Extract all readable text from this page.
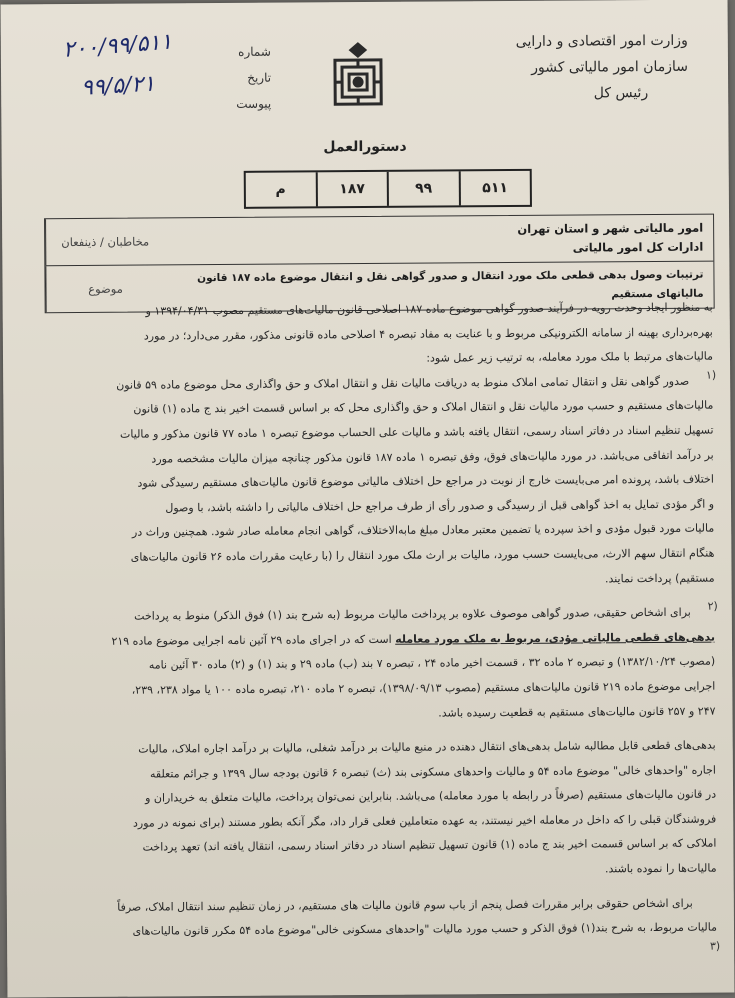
وزارت امور اقتصادی و دارایی
سازمان امور مالیاتی کشور
رئیس کل
شماره
تاریخ
پیوست
۲۰۰/۹۹/۵۱۱
۹۹/۵/۲۱
دستورالعمل
۵۱۱
۹۹
۱۸۷
م
مخاطبان / ذینفعان
امور مالیاتی شهر و استان تهران
ادارات کل امور مالیاتی
موضوع
ترتیبات وصول بدهی قطعی ملک مورد انتقال و صدور گواهی نقل و انتقال موضوع ماده ۱۸۷ قانون مالیاتهای مستقیم
به منظور ایجاد وحدت رویه در فرآیند صدور گواهی موضوع ماده ۱۸۷ اصلاحی قانون مالیات‌های مستقیم مصوب ۱۳۹۴/۰۴/۳۱ و
بهره‌برداری بهینه از سامانه الکترونیکی مربوط و با عنایت به مفاد تبصره ۴ اصلاحی ماده قانونی مذکور، مقرر می‌دارد؛ در مورد
مالیات‌های مرتبط با ملک مورد معامله، به ترتیب زیر عمل شود:
صدور گواهی نقل و انتقال تمامی املاک منوط به دریافت مالیات نقل و انتقال املاک و حق واگذاری محل موضوع ماده ۵۹ قانون
مالیات‌های مستقیم و حسب مورد مالیات نقل و انتقال املاک و حق واگذاری محل که بر اساس قسمت اخیر بند ج ماده (۱) قانون
تسهیل تنظیم اسناد در دفاتر اسناد رسمی، انتقال یافته باشد و مالیات علی الحساب موضوع تبصره ۱ ماده ۷۷ قانون مذکور و مالیات
بر درآمد اتفاقی می‌باشد. در مورد مالیات‌های فوق، وفق تبصره ۱ ماده ۱۸۷ قانون مذکور چنانچه میزان مالیات مشخصه مورد
اختلاف باشد، پرونده امر می‌بایست خارج از نوبت در مراجع حل اختلاف مالیاتی موضوع قانون مالیات‌های مستقیم رسیدگی شود
و اگر مؤدی تمایل به اخذ گواهی قبل از رسیدگی و صدور رأی از طرف مراجع حل اختلاف مالیاتی را داشته باشد، با وصول
مالیات مورد قبول مؤدی و اخذ سپرده یا تضمین معتبر معادل مبلغ مابه‌الاختلاف، گواهی انجام معامله صادر شود. همچنین وراث در
هنگام انتقال سهم الارث، می‌بایست حسب مورد، مالیات بر ارث ملک مورد انتقال را (با رعایت مقررات ماده ۲۶ قانون مالیات‌های
مستقیم) پرداخت نمایند.
برای اشخاص حقیقی، صدور گواهی موصوف علاوه بر پرداخت مالیات مربوط (به شرح بند (۱) فوق الذکر) منوط به پرداخت
بدهی‌های قطعی مالیاتی مؤدی، مربوط به ملک مورد معامله است که در اجرای ماده ۲۹ آئین نامه اجرایی موضوع ماده ۲۱۹
(مصوب ۱۳۸۲/۱۰/۲۴) و تبصره ۲ ماده ۳۲ ، قسمت اخیر ماده ۲۴ ، تبصره ۷ بند (ب) ماده ۲۹ و بند (۱) و (۲) ماده ۳۰ آئین نامه
اجرایی موضوع ماده ۲۱۹ قانون مالیات‌های مستقیم (مصوب ۱۳۹۸/۰۹/۱۳)، تبصره ۲ ماده ۲۱۰، تبصره ماده ۱۰۰ یا مواد ۲۳۸، ۲۳۹،
۲۴۷ و ۲۵۷ قانون مالیات‌های مستقیم به قطعیت رسیده باشد.
بدهی‌های قطعی قابل مطالبه شامل بدهی‌های انتقال دهنده در منبع مالیات بر درآمد شغلی، مالیات بر درآمد اجاره املاک، مالیات
اجاره "واحدهای خالی" موضوع ماده ۵۴ و مالیات واحدهای مسکونی بند (ث) تبصره ۶ قانون بودجه سال ۱۳۹۹ و جرائم متعلقه
در قانون مالیات‌های مستقیم (صرفاً در رابطه با مورد معامله) می‌باشد. بنابراین نمی‌توان پرداخت، مالیات متعلق به خریداران و
فروشندگان قبلی را که داخل در معامله اخیر نیستند، به عهده متعاملین فعلی قرار داد، مگر آنکه بطور مستند (برای نمونه در مورد
املاکی که بر اساس قسمت اخیر بند ج ماده (۱) قانون تسهیل تنظیم اسناد در دفاتر اسناد رسمی، انتقال یافته اند) تعهد پرداخت
مالیات‌ها را نموده باشند.
برای اشخاص حقوقی برابر مقررات فصل پنجم از باب سوم قانون مالیات های مستقیم، در زمان تنظیم سند انتقال املاک، صرفاً
مالیات مربوط، به شرح بند(۱) فوق الذکر و حسب مورد مالیات "واحدهای مسکونی خالی"موضوع ماده ۵۴ مکرر قانون مالیات‌های
۱)
۲)
۳)
